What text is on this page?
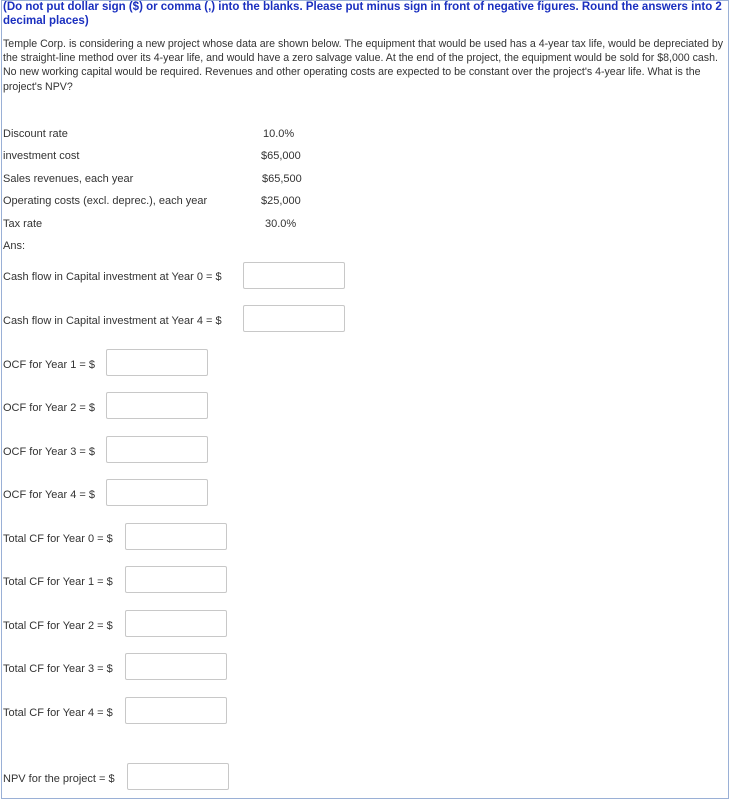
(Do not put dollar sign ($) or comma (,) into the blanks. Please put minus sign in front of negative figures. Round the answers into 2 decimal places)
Temple Corp. is considering a new project whose data are shown below. The equipment that would be used has a 4-year tax life, would be depreciated by the straight-line method over its 4-year life, and would have a zero salvage value. At the end of the project, the equipment would be sold for $8,000 cash. No new working capital would be required. Revenues and other operating costs are expected to be constant over the project's 4-year life. What is the project's NPV?
Discount rate	10.0%
investment cost	$65,000
Sales revenues, each year	$65,500
Operating costs (excl. deprec.), each year	$25,000
Tax rate	30.0%
Ans:
Cash flow in Capital investment at Year 0 = $
Cash flow in Capital investment at Year 4 = $
OCF for Year 1 = $
OCF for Year 2 = $
OCF for Year 3 = $
OCF for Year 4 = $
Total CF for Year 0 = $
Total CF for Year 1 = $
Total CF for Year 2 = $
Total CF for Year 3 = $
Total CF for Year 4 = $
NPV for the project = $
